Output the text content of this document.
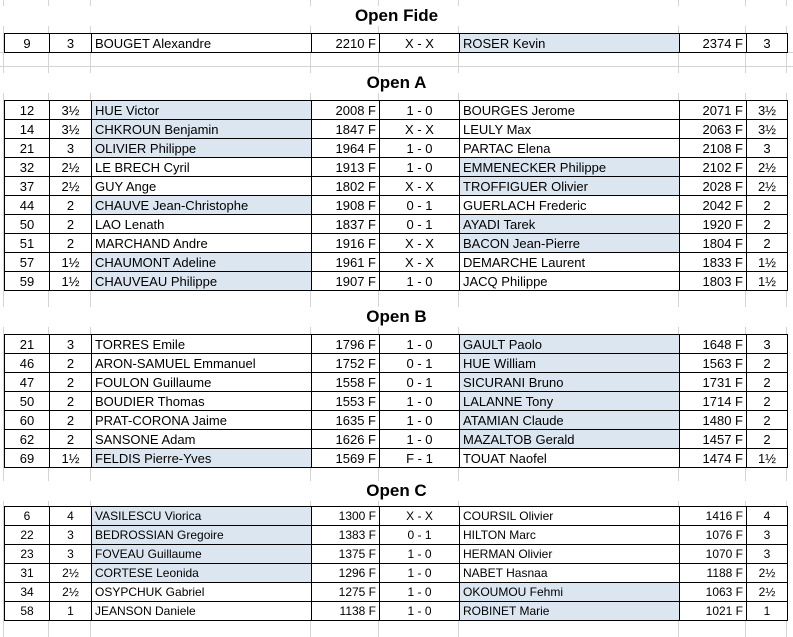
Open Fide
9	3	BOUGET Alexandre	2210 F	X - X	ROSER Kevin	2374 F	3
Open A
12	3½	HUE Victor	2008 F	1 - 0	BOURGES Jerome	2071 F	3½
14	3½	CHKROUN Benjamin	1847 F	X - X	LEULY Max	2063 F	3½
21	3	OLIVIER Philippe	1964 F	1 - 0	PARTAC Elena	2108 F	3
32	2½	LE BRECH Cyril	1913 F	1 - 0	EMMENECKER Philippe	2102 F	2½
37	2½	GUY Ange	1802 F	X - X	TROFFIGUER Olivier	2028 F	2½
44	2	CHAUVE Jean-Christophe	1908 F	0 - 1	GUERLACH Frederic	2042 F	2
50	2	LAO Lenath	1837 F	0 - 1	AYADI Tarek	1920 F	2
51	2	MARCHAND Andre	1916 F	X - X	BACON Jean-Pierre	1804 F	2
57	1½	CHAUMONT Adeline	1961 F	X - X	DEMARCHE Laurent	1833 F	1½
59	1½	CHAUVEAU Philippe	1907 F	1 - 0	JACQ Philippe	1803 F	1½
Open B
21	3	TORRES Emile	1796 F	1 - 0	GAULT Paolo	1648 F	3
46	2	ARON-SAMUEL Emmanuel	1752 F	0 - 1	HUE William	1563 F	2
47	2	FOULON Guillaume	1558 F	0 - 1	SICURANI Bruno	1731 F	2
50	2	BOUDIER Thomas	1553 F	1 - 0	LALANNE Tony	1714 F	2
60	2	PRAT-CORONA Jaime	1635 F	1 - 0	ATAMIAN Claude	1480 F	2
62	2	SANSONE Adam	1626 F	1 - 0	MAZALTOB Gerald	1457 F	2
69	1½	FELDIS Pierre-Yves	1569 F	F - 1	TOUAT Naofel	1474 F	1½
Open C
6	4	VASILESCU Viorica	1300 F	X - X	COURSIL Olivier	1416 F	4
22	3	BEDROSSIAN Gregoire	1383 F	0 - 1	HILTON Marc	1076 F	3
23	3	FOVEAU Guillaume	1375 F	1 - 0	HERMAN Olivier	1070 F	3
31	2½	CORTESE Leonida	1296 F	1 - 0	NABET Hasnaa	1188 F	2½
34	2½	OSYPCHUK Gabriel	1275 F	1 - 0	OKOUMOU Fehmi	1063 F	2½
58	1	JEANSON Daniele	1138 F	1 - 0	ROBINET Marie	1021 F	1
